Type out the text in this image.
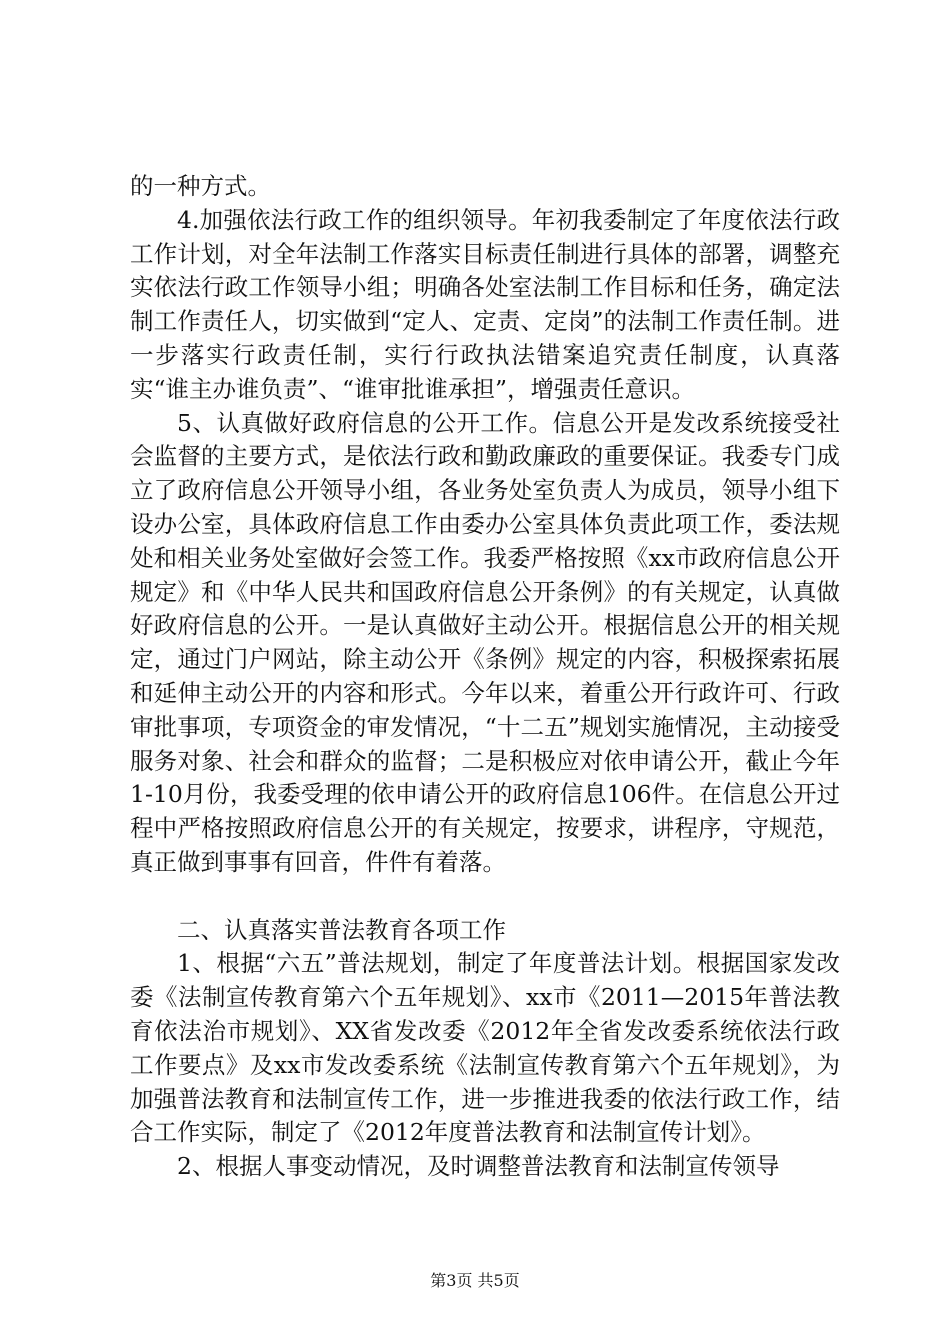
的一种方式。

4.加强依法行政工作的组织领导。年初我委制定了年度依法行政工作计划，对全年法制工作落实目标责任制进行具体的部署，调整充实依法行政工作领导小组；明确各处室法制工作目标和任务，确定法制工作责任人，切实做到“定人、定责、定岗”的法制工作责任制。进一步落实行政责任制，实行行政执法错案追究责任制度，认真落实“谁主办谁负责”、“谁审批谁承担”，增强责任意识。

5、认真做好政府信息的公开工作。信息公开是发改系统接受社会监督的主要方式，是依法行政和勤政廉政的重要保证。我委专门成立了政府信息公开领导小组，各业务处室负责人为成员，领导小组下设办公室，具体政府信息工作由委办公室具体负责此项工作，委法规处和相关业务处室做好会签工作。我委严格按照《xx市政府信息公开规定》和《中华人民共和国政府信息公开条例》的有关规定，认真做好政府信息的公开。一是认真做好主动公开。根据信息公开的相关规定，通过门户网站，除主动公开《条例》规定的内容，积极探索拓展和延伸主动公开的内容和形式。今年以来，着重公开行政许可、行政审批事项，专项资金的审发情况，“十二五”规划实施情况，主动接受服务对象、社会和群众的监督；二是积极应对依申请公开，截止今年1-10月份，我委受理的依申请公开的政府信息106件。在信息公开过程中严格按照政府信息公开的有关规定，按要求，讲程序，守规范，真正做到事事有回音，件件有着落。

二、认真落实普法教育各项工作

1、根据“六五”普法规划，制定了年度普法计划。根据国家发改委《法制宣传教育第六个五年规划》、xx市《2011—2015年普法教育依法治市规划》、XX省发改委《2012年全省发改委系统依法行政工作要点》及xx市发改委系统《法制宣传教育第六个五年规划》，为加强普法教育和法制宣传工作，进一步推进我委的依法行政工作，结合工作实际，制定了《2012年度普法教育和法制宣传计划》。

2、根据人事变动情况，及时调整普法教育和法制宣传领导

第3页 共5页
